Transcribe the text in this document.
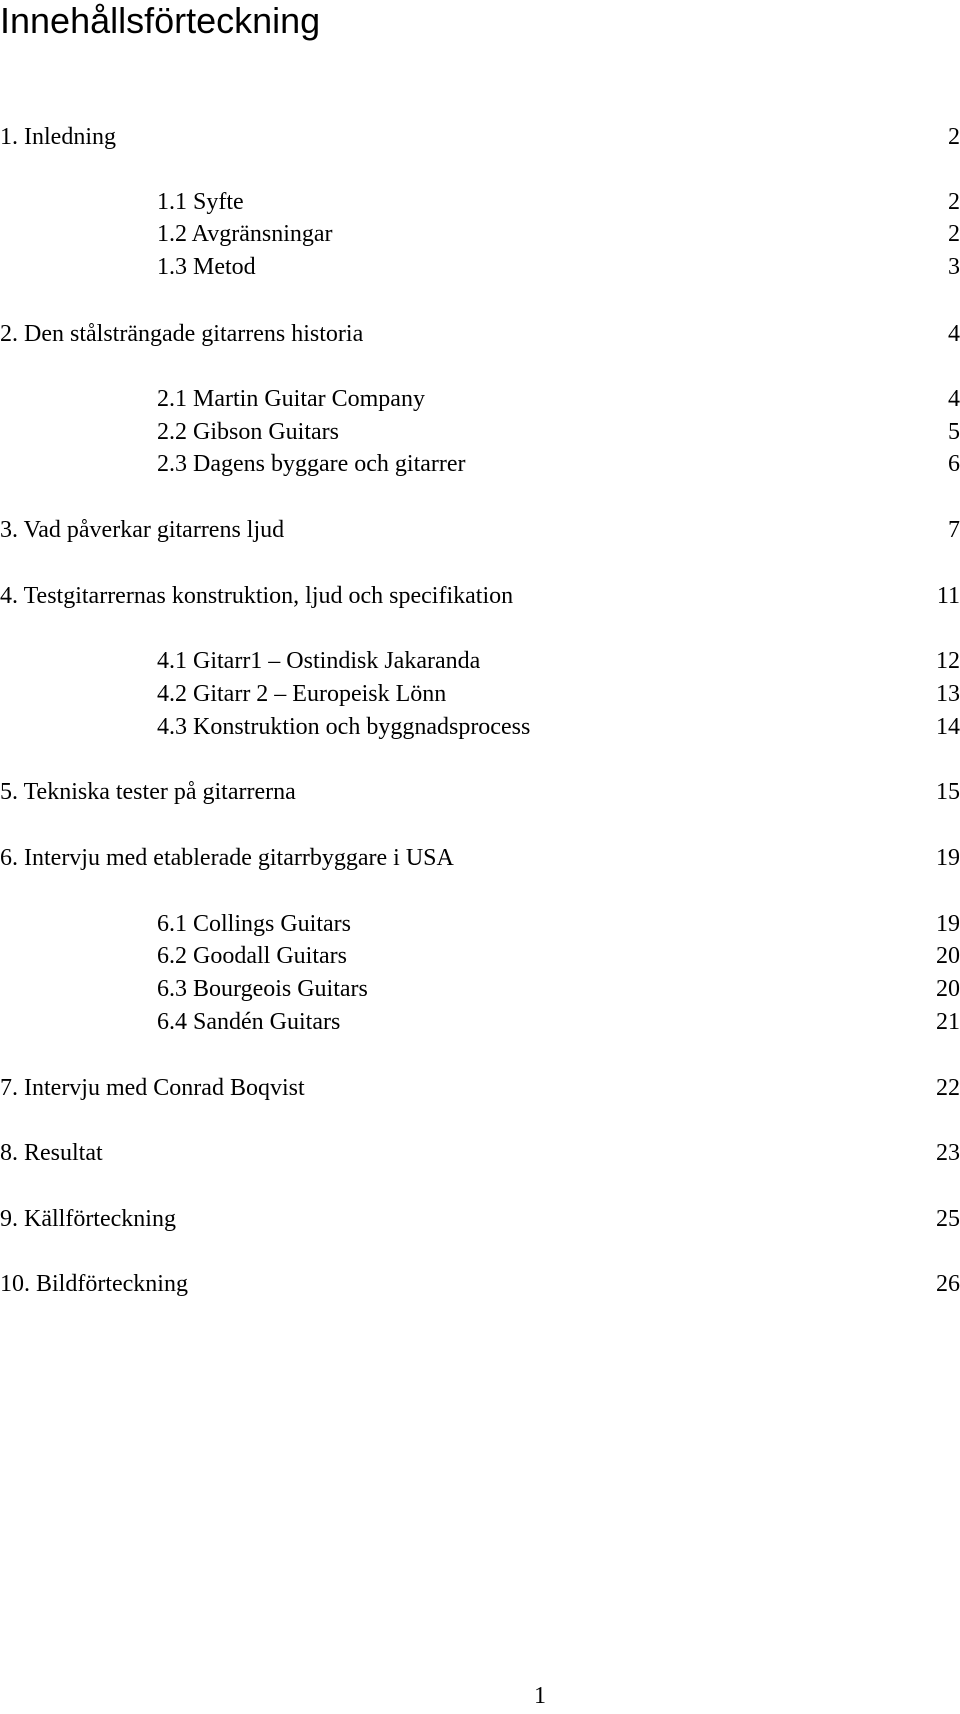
Innehållsförteckning
1. Inledning	2
1.1 Syfte	2
1.2 Avgränsningar	2
1.3 Metod	3
2. Den stålsträngade gitarrens historia	4
2.1 Martin Guitar Company	4
2.2 Gibson Guitars	5
2.3 Dagens byggare och gitarrer	6
3. Vad påverkar gitarrens ljud	7
4. Testgitarrernas konstruktion, ljud och specifikation	11
4.1 Gitarr1 – Ostindisk Jakaranda	12
4.2 Gitarr 2 – Europeisk Lönn	13
4.3 Konstruktion och byggnadsprocess	14
5. Tekniska tester på gitarrerna	15
6. Intervju med etablerade gitarrbyggare i USA	19
6.1 Collings Guitars	19
6.2 Goodall Guitars	20
6.3 Bourgeois Guitars	20
6.4 Sandén Guitars	21
7. Intervju med Conrad Boqvist	22
8. Resultat	23
9. Källförteckning	25
10. Bildförteckning	26
1
